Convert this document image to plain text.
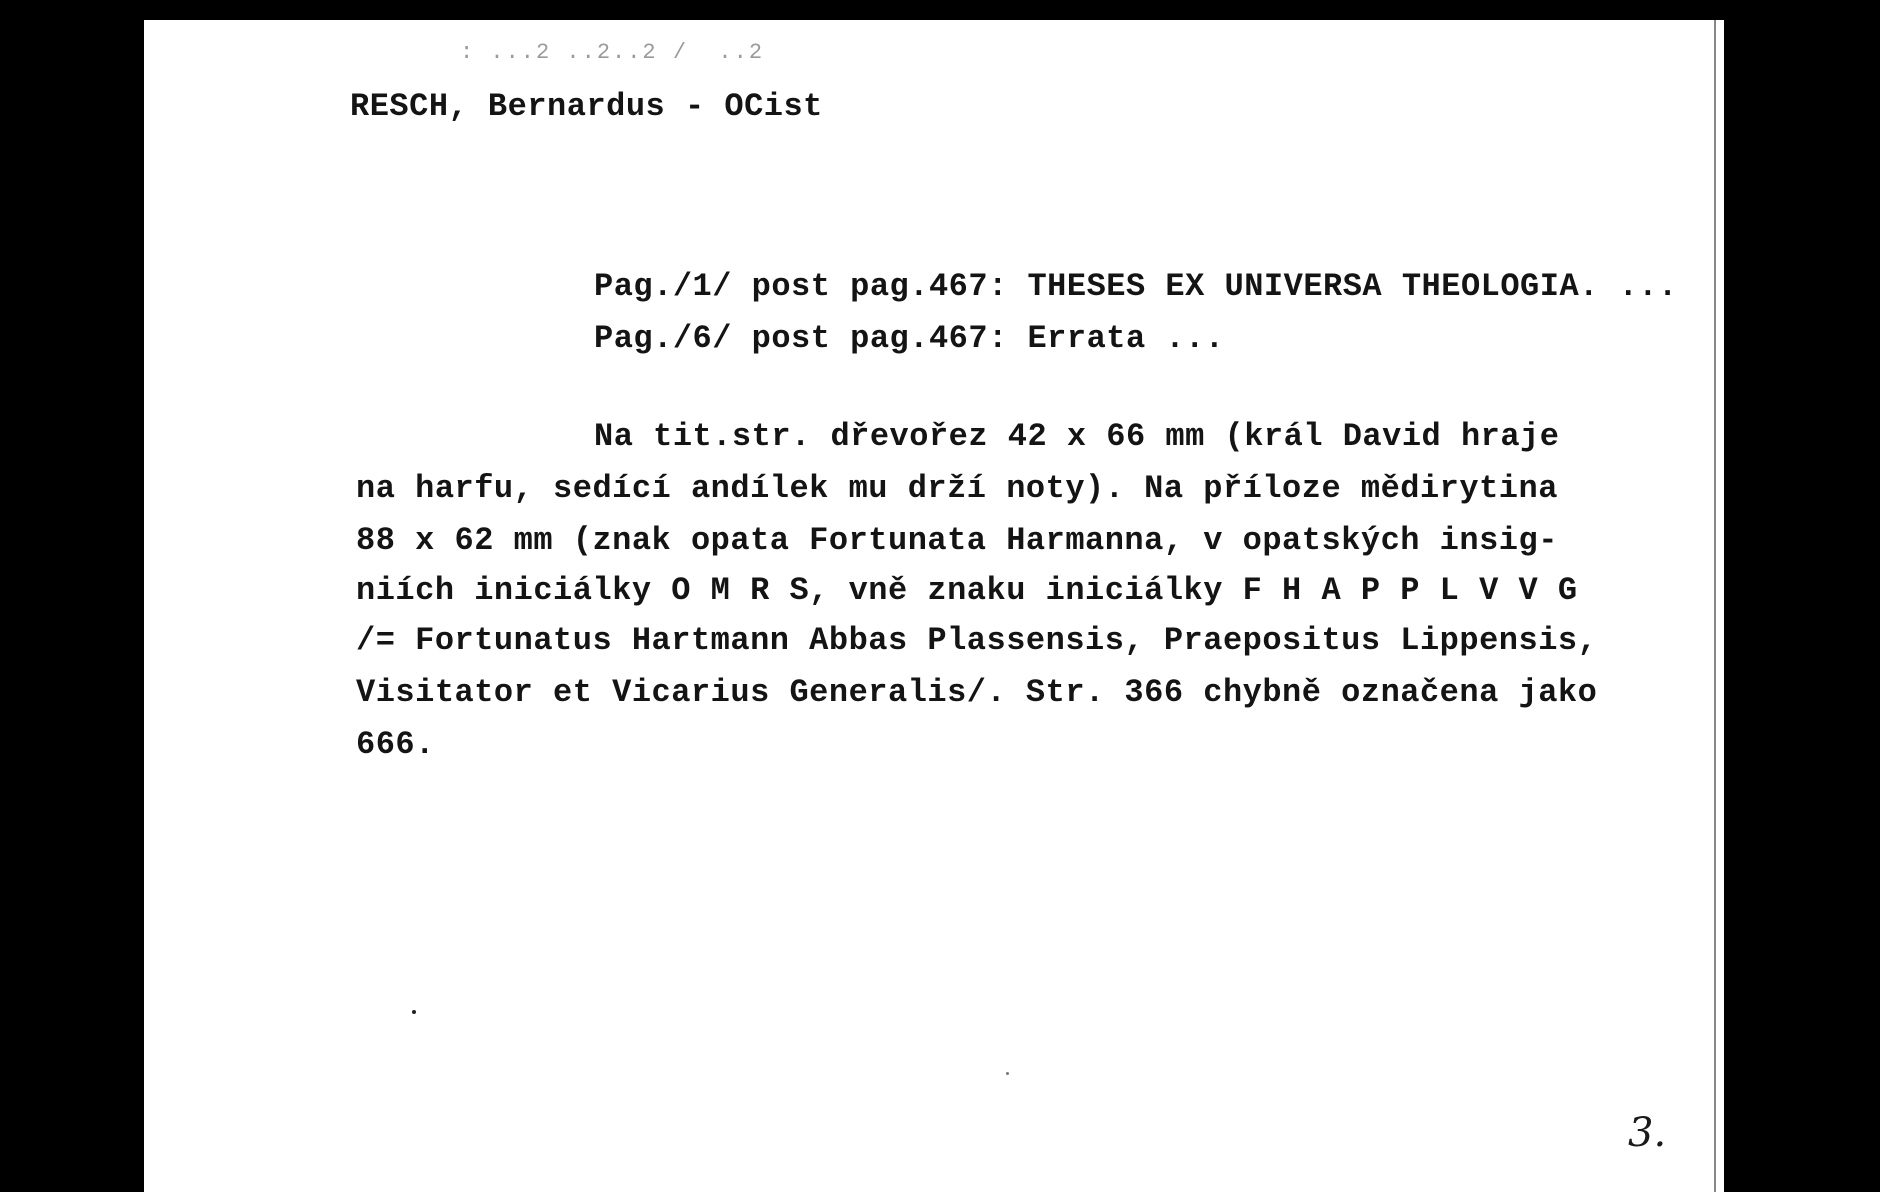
: ...2 ..2..2 /  ..2
RESCH, Bernardus - OCist
Pag./1/ post pag.467: THESES EX UNIVERSA THEOLOGIA. ...
Pag./6/ post pag.467: Errata ...
Na tit.str. dřevořez 42 x 66 mm (král David hraje
na harfu, sedící andílek mu drží noty). Na příloze mědirytina
88 x 62 mm (znak opata Fortunata Harmanna, v opatských insig-
niích iniciálky O M R S, vně znaku iniciálky F H A P P L V V G
/= Fortunatus Hartmann Abbas Plassensis, Praepositus Lippensis,
Visitator et Vicarius Generalis/. Str. 366 chybně označena jako
666.
3.
